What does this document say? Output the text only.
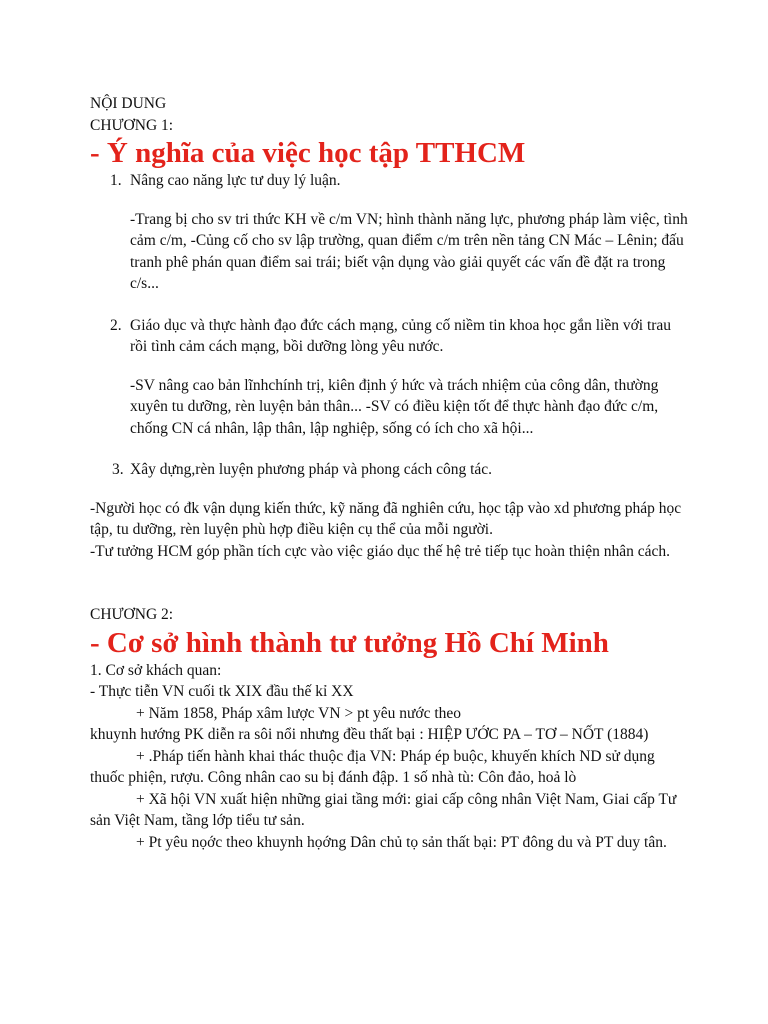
NỘI DUNG

CHƯƠNG 1:

- Ý nghĩa của việc học tập TTHCM
1. Nâng cao năng lực tư duy lý luận.

-Trang bị cho sv tri thức KH về c/m VN; hình thành năng lực, phương pháp làm việc, tình cảm c/m, -Củng cố cho sv lập trường, quan điểm c/m trên nền tảng CN Mác – Lênin; đấu tranh phê phán quan điểm sai trái; biết vận dụng vào giải quyết các vấn đề đặt ra trong c/s...

2. Giáo dục và thực hành đạo đức cách mạng, củng cố niềm tin khoa học gắn liền với trau rồi tình cảm cách mạng, bồi dưỡng lòng yêu nước.

-SV nâng cao bản lĩnhchính trị, kiên định ý hức và trách nhiệm của công dân, thường xuyên tu dưỡng, rèn luyện bản thân... -SV có điều kiện tốt để thực hành đạo đức c/m, chống CN cá nhân, lập thân, lập nghiệp, sống có ích cho xã hội...

3. Xây dựng,rèn luyện phương pháp và phong cách công tác.

-Người học có đk vận dụng kiến thức, kỹ năng đã nghiên cứu, học tập vào xd phương pháp học tập, tu dưỡng, rèn luyện phù hợp điều kiện cụ thể của mỗi người.

-Tư tưởng HCM góp phần tích cực vào việc giáo dục thế hệ trẻ tiếp tục hoàn thiện nhân cách.

CHƯƠNG 2:

- Cơ sở hình thành tư tưởng Hồ Chí Minh

1. Cơ sở khách quan:

- Thực tiễn VN cuối tk XIX đầu thế kỉ XX

+ Năm 1858, Pháp xâm lược VN > pt yêu nước theo

khuynh hướng PK diễn ra sôi nổi nhưng đều thất bại : HIỆP ƯỚC PA – TƠ – NỐT (1884)

+ .Pháp tiến hành khai thác thuộc địa VN: Pháp ép buộc, khuyến khích ND sử dụng thuốc phiện, rượu. Công nhân cao su bị đánh đập. 1 số nhà tù: Côn đảo, hoả lò

+ Xã hội VN xuất hiện những giai tầng mới: giai cấp công nhân Việt Nam, Giai cấp Tư sản Việt Nam, tầng lớp tiểu tư sản.

+ Pt yêu nọớc theo khuynh họớng Dân chủ tọ sản thất bại: PT đông du và PT duy tân.
